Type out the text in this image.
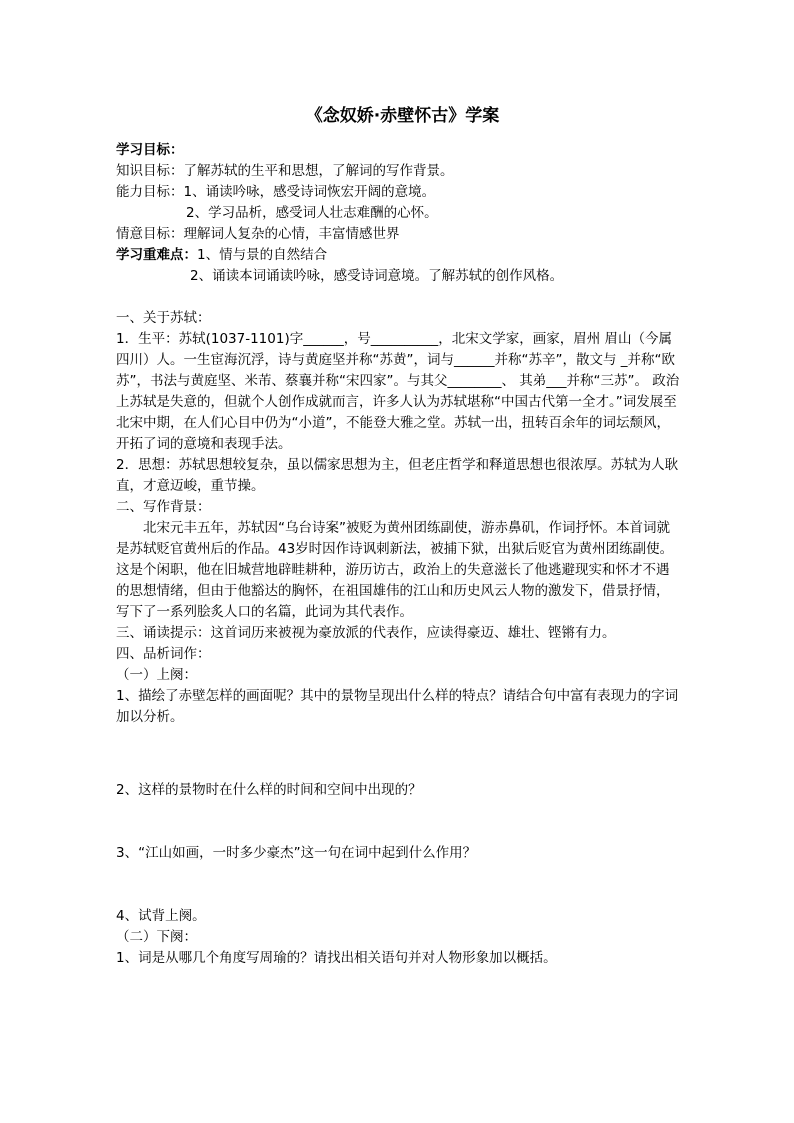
《念奴娇·赤壁怀古》学案
学习目标：
知识目标：了解苏轼的生平和思想，了解词的写作背景。
能力目标：1、诵读吟咏，感受诗词恢宏开阔的意境。
2、学习品析，感受词人壮志难酬的心怀。
情意目标：理解词人复杂的心情，丰富情感世界
学习重难点：1、情与景的自然结合
2、诵读本词诵读吟咏，感受诗词意境。了解苏轼的创作风格。
一、关于苏轼：
1．生平：苏轼(1037-1101)字______，号__________，北宋文学家，画家，眉州 眉山（今属四川）人。一生宦海沉浮，诗与黄庭坚并称“苏黄”，词与______并称“苏辛”，散文与 _并称“欧苏”，书法与黄庭坚、米芾、蔡襄并称“宋四家”。与其父________、 其弟___并称“三苏”。 政治上苏轼是失意的，但就个人创作成就而言，许多人认为苏轼堪称“中国古代第一全才。”词发展至北宋中期，在人们心目中仍为“小道”，不能登大雅之堂。苏轼一出，扭转百余年的词坛颓风，开拓了词的意境和表现手法。
2．思想：苏轼思想较复杂，虽以儒家思想为主，但老庄哲学和释道思想也很浓厚。苏轼为人耿直，才意迈峻，重节操。
二、写作背景：
北宋元丰五年，苏轼因“乌台诗案”被贬为黄州团练副使，游赤鼻矶，作词抒怀。本首词就是苏轼贬官黄州后的作品。43岁时因作诗讽刺新法，被捕下狱，出狱后贬官为黄州团练副使。这是个闲职，他在旧城营地辟畦耕种，游历访古，政治上的失意滋长了他逃避现实和怀才不遇的思想情绪，但由于他豁达的胸怀，在祖国雄伟的江山和历史风云人物的激发下，借景抒情，写下了一系列脍炙人口的名篇，此词为其代表作。
三、诵读提示：这首词历来被视为豪放派的代表作，应读得豪迈、雄壮、铿锵有力。
四、品析词作：
（一）上阕：
1、描绘了赤壁怎样的画面呢？其中的景物呈现出什么样的特点？请结合句中富有表现力的字词加以分析。
2、这样的景物时在什么样的时间和空间中出现的？
3、“江山如画，一时多少豪杰”这一句在词中起到什么作用？
4、试背上阕。
（二）下阕：
1、词是从哪几个角度写周瑜的？请找出相关语句并对人物形象加以概括。
